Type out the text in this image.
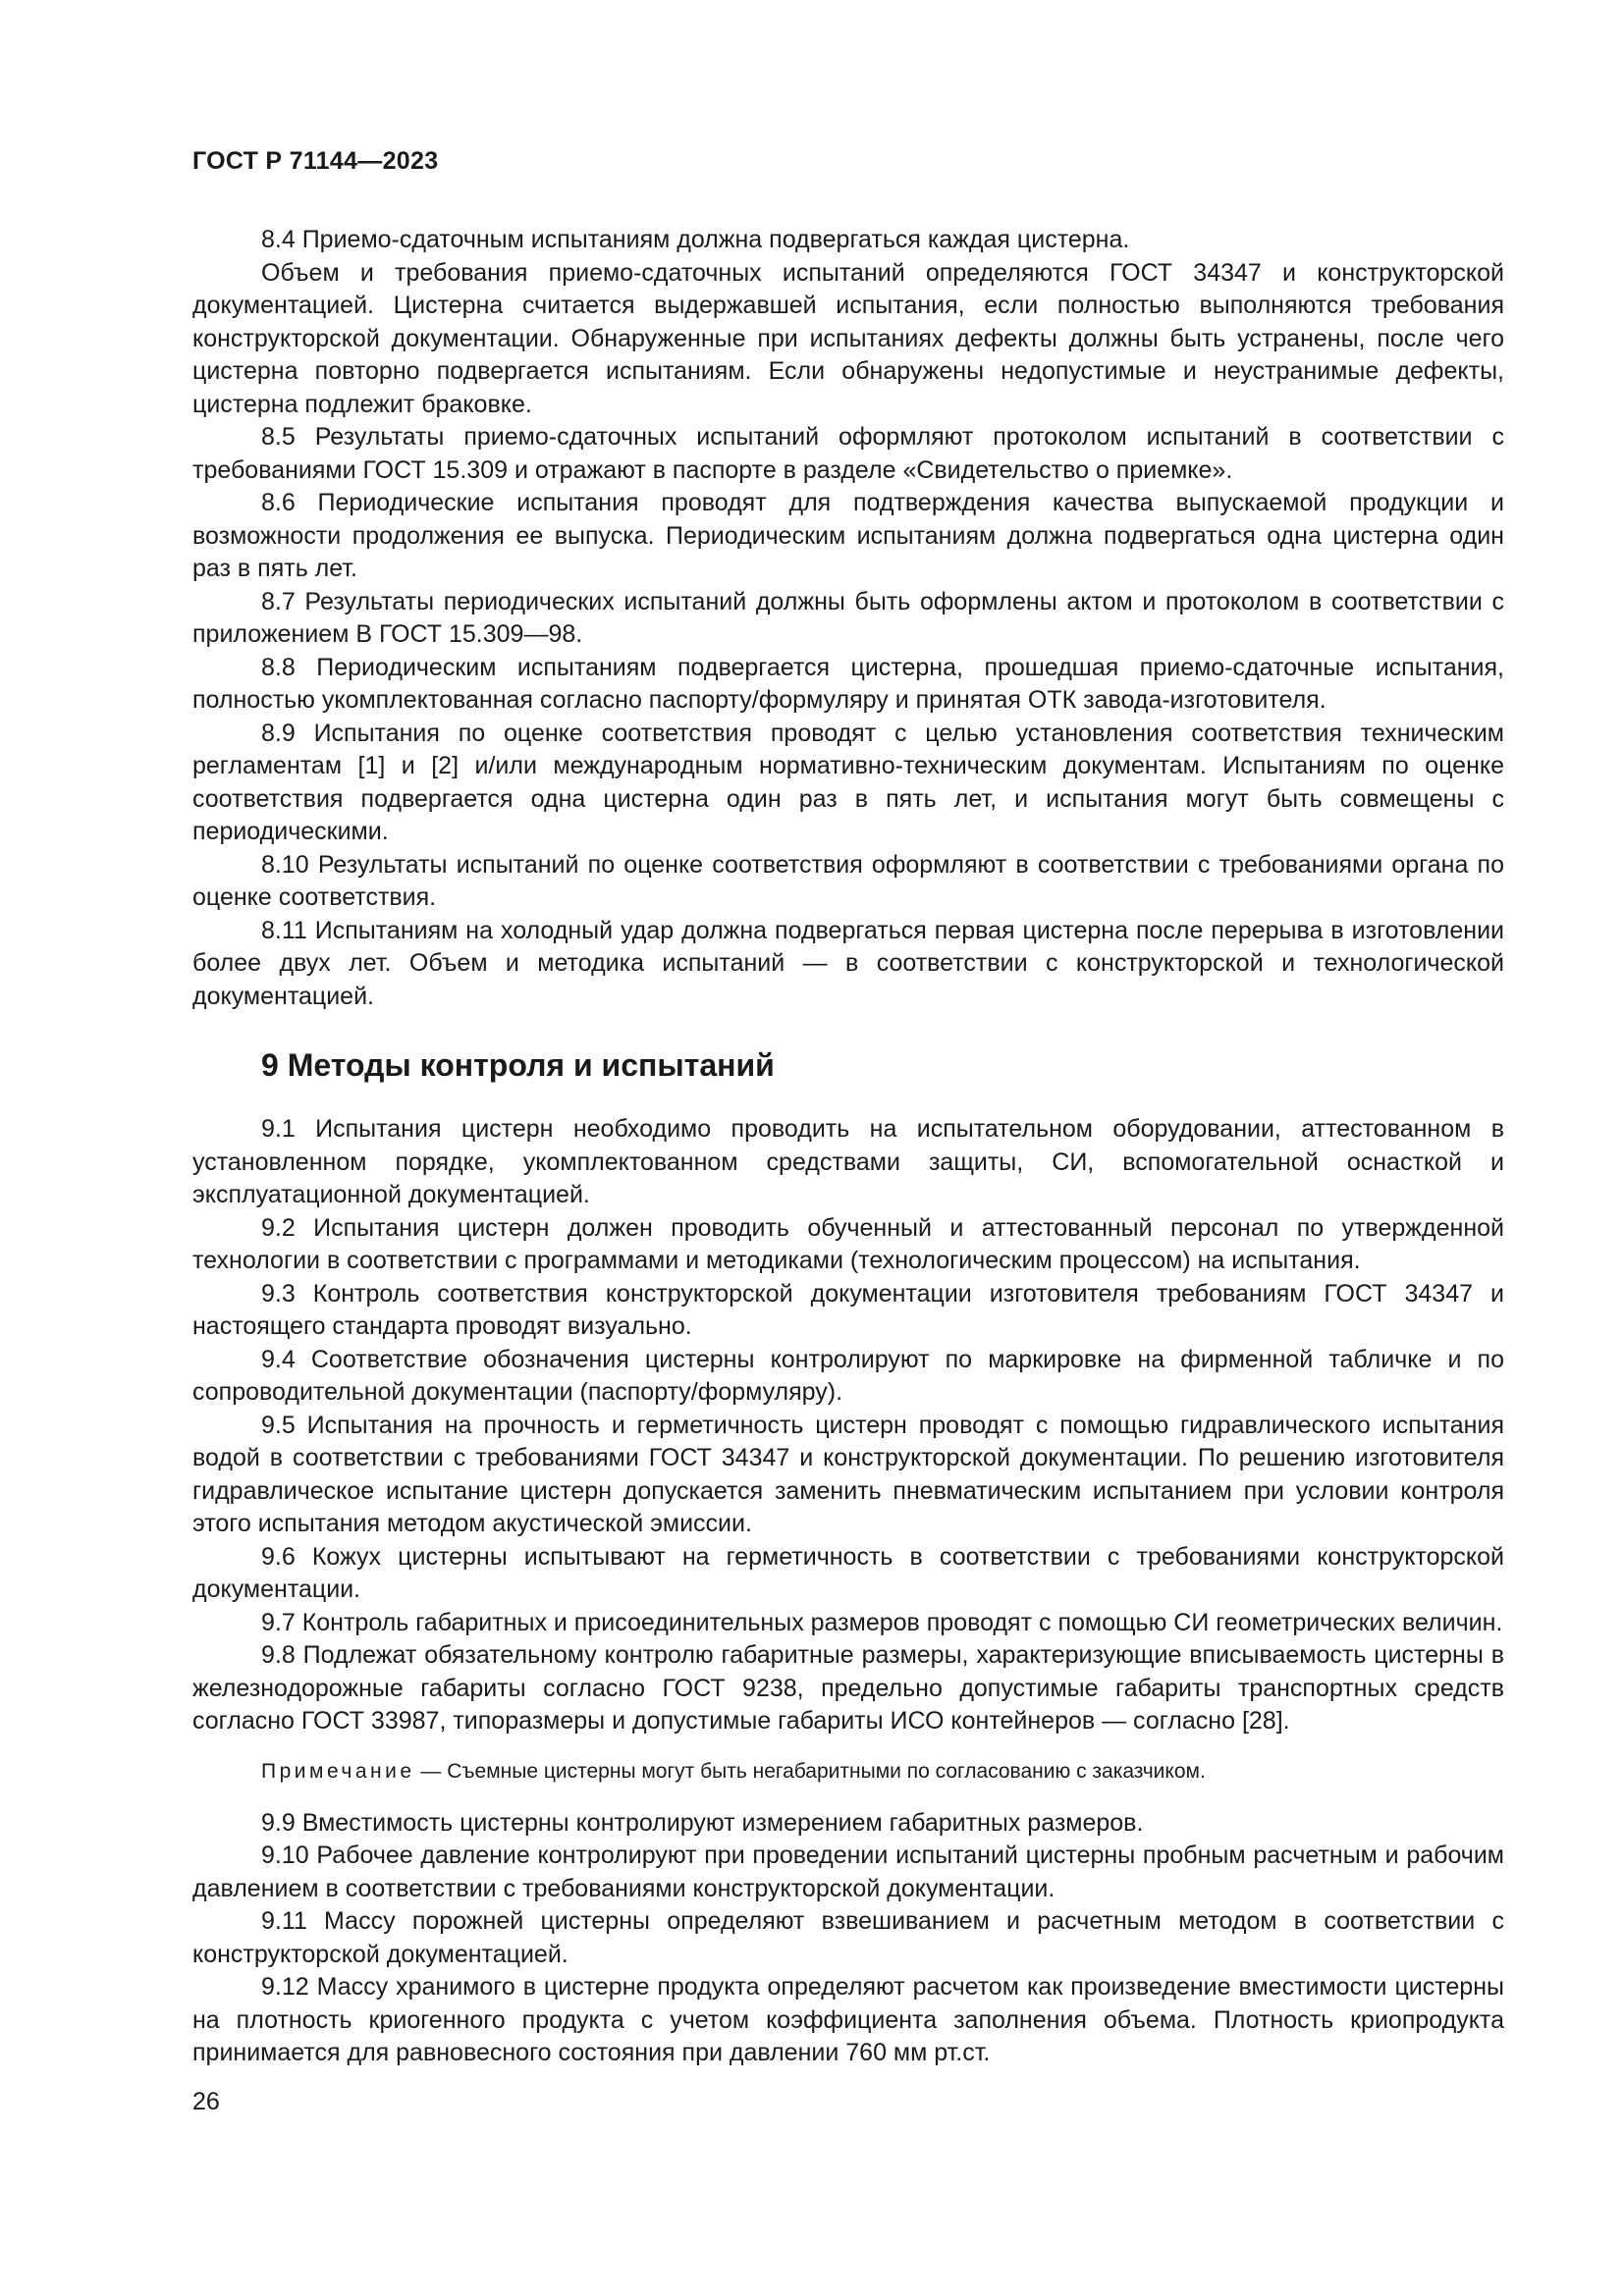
ГОСТ Р 71144—2023

8.4 Приемо-сдаточным испытаниям должна подвергаться каждая цистерна.

Объем и требования приемо-сдаточных испытаний определяются ГОСТ 34347 и конструкторской документацией. Цистерна считается выдержавшей испытания, если полностью выполняются требования конструкторской документации. Обнаруженные при испытаниях дефекты должны быть устранены, после чего цистерна повторно подвергается испытаниям. Если обнаружены недопустимые и неустранимые дефекты, цистерна подлежит браковке.

8.5 Результаты приемо-сдаточных испытаний оформляют протоколом испытаний в соответствии с требованиями ГОСТ 15.309 и отражают в паспорте в разделе «Свидетельство о приемке».

8.6 Периодические испытания проводят для подтверждения качества выпускаемой продукции и возможности продолжения ее выпуска. Периодическим испытаниям должна подвергаться одна цистерна один раз в пять лет.

8.7 Результаты периодических испытаний должны быть оформлены актом и протоколом в соответствии с приложением В ГОСТ 15.309—98.

8.8 Периодическим испытаниям подвергается цистерна, прошедшая приемо-сдаточные испытания, полностью укомплектованная согласно паспорту/формуляру и принятая ОТК завода-изготовителя.

8.9 Испытания по оценке соответствия проводят с целью установления соответствия техническим регламентам [1] и [2] и/или международным нормативно-техническим документам. Испытаниям по оценке соответствия подвергается одна цистерна один раз в пять лет, и испытания могут быть совмещены с периодическими.

8.10 Результаты испытаний по оценке соответствия оформляют в соответствии с требованиями органа по оценке соответствия.

8.11 Испытаниям на холодный удар должна подвергаться первая цистерна после перерыва в изготовлении более двух лет. Объем и методика испытаний — в соответствии с конструкторской и технологической документацией.

9 Методы контроля и испытаний

9.1 Испытания цистерн необходимо проводить на испытательном оборудовании, аттестованном в установленном порядке, укомплектованном средствами защиты, СИ, вспомогательной оснасткой и эксплуатационной документацией.

9.2 Испытания цистерн должен проводить обученный и аттестованный персонал по утвержденной технологии в соответствии с программами и методиками (технологическим процессом) на испытания.

9.3 Контроль соответствия конструкторской документации изготовителя требованиям ГОСТ 34347 и настоящего стандарта проводят визуально.

9.4 Соответствие обозначения цистерны контролируют по маркировке на фирменной табличке и по сопроводительной документации (паспорту/формуляру).

9.5 Испытания на прочность и герметичность цистерн проводят с помощью гидравлического испытания водой в соответствии с требованиями ГОСТ 34347 и конструкторской документации. По решению изготовителя гидравлическое испытание цистерн допускается заменить пневматическим испытанием при условии контроля этого испытания методом акустической эмиссии.

9.6 Кожух цистерны испытывают на герметичность в соответствии с требованиями конструкторской документации.

9.7 Контроль габаритных и присоединительных размеров проводят с помощью СИ геометрических величин.

9.8 Подлежат обязательному контролю габаритные размеры, характеризующие вписываемость цистерны в железнодорожные габариты согласно ГОСТ 9238, предельно допустимые габариты транспортных средств согласно ГОСТ 33987, типоразмеры и допустимые габариты ИСО контейнеров — согласно [28].

Примечание — Съемные цистерны могут быть негабаритными по согласованию с заказчиком.

9.9 Вместимость цистерны контролируют измерением габаритных размеров.

9.10 Рабочее давление контролируют при проведении испытаний цистерны пробным расчетным и рабочим давлением в соответствии с требованиями конструкторской документации.

9.11 Массу порожней цистерны определяют взвешиванием и расчетным методом в соответствии с конструкторской документацией.

9.12 Массу хранимого в цистерне продукта определяют расчетом как произведение вместимости цистерны на плотность криогенного продукта с учетом коэффициента заполнения объема. Плотность криопродукта принимается для равновесного состояния при давлении 760 мм рт.ст.

26
